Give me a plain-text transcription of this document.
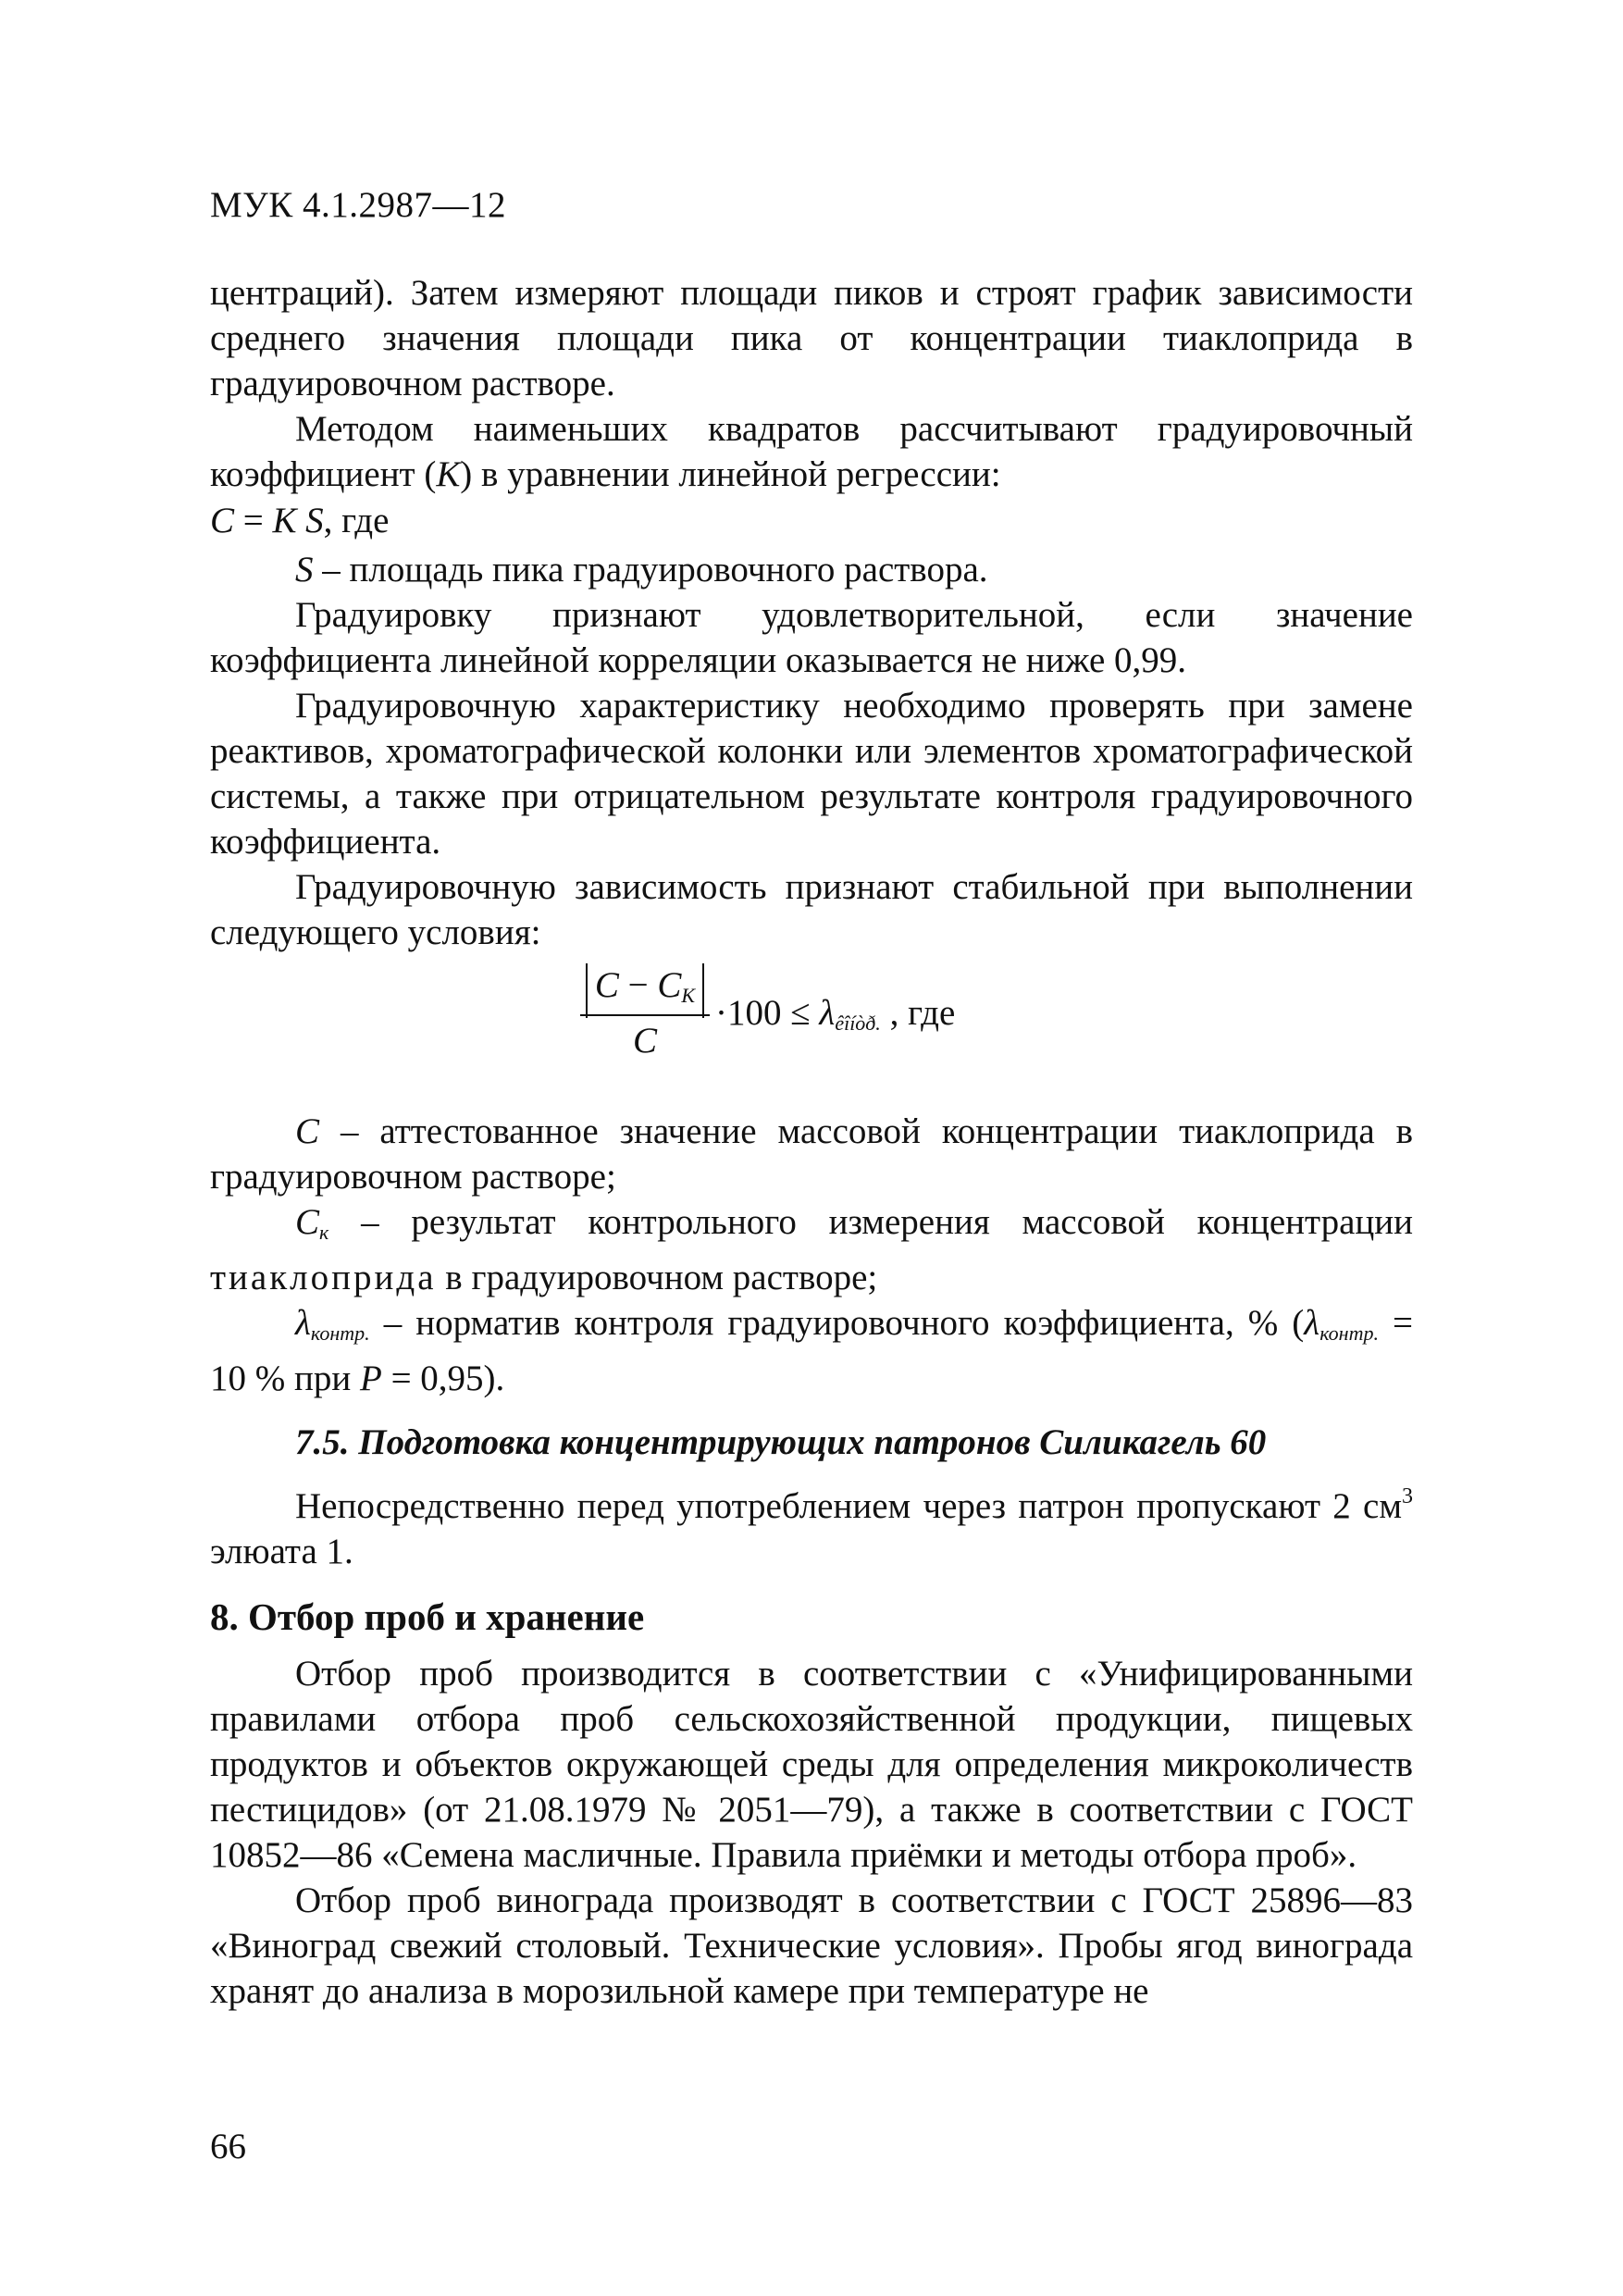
МУК 4.1.2987—12

центраций). Затем измеряют площади пиков и строят график зависимости среднего значения площади пика от концентрации тиаклоприда в градуировочном растворе.

Методом наименьших квадратов рассчитывают градуировочный коэффициент (К) в уравнении линейной регрессии:

С = К S, где

S – площадь пика градуировочного раствора.

Градуировку признают удовлетворительной, если значение коэффициента линейной корреляции оказывается не ниже 0,99.

Градуировочную характеристику необходимо проверять при замене реактивов, хроматографической колонки или элементов хроматографической системы, а также при отрицательном результате контроля градуировочного коэффициента.

Градуировочную зависимость признают стабильной при выполнении следующего условия:

$C - C_K$
C
$\cdot 100 \le \lambda_{êîíòð.}$ , где

С – аттестованное значение массовой концентрации тиаклоприда в градуировочном растворе;

$С_к$ – результат контрольного измерения массовой концентрации тиаклоприда в градуировочном растворе;

$\lambda_{контр.}$ – норматив контроля градуировочного коэффициента, % ($\lambda_{контр.} = 10$ % при Р = 0,95).

7.5. Подготовка концентрирующих патронов Силикагель 60

Непосредственно перед употреблением через патрон пропускают 2 $см^3$ элюата 1.

8. Отбор проб и хранение

Отбор проб производится в соответствии с «Унифицированными правилами отбора проб сельскохозяйственной продукции, пищевых продуктов и объектов окружающей среды для определения микроколичеств пестицидов» (от 21.08.1979 № 2051—79), а также в соответствии с ГОСТ 10852—86 «Семена масличные. Правила приёмки и методы отбора проб».

Отбор проб винограда производят в соответствии с ГОСТ 25896—83 «Виноград свежий столовый. Технические условия». Пробы ягод винограда хранят до анализа в морозильной камере при температуре не

66
